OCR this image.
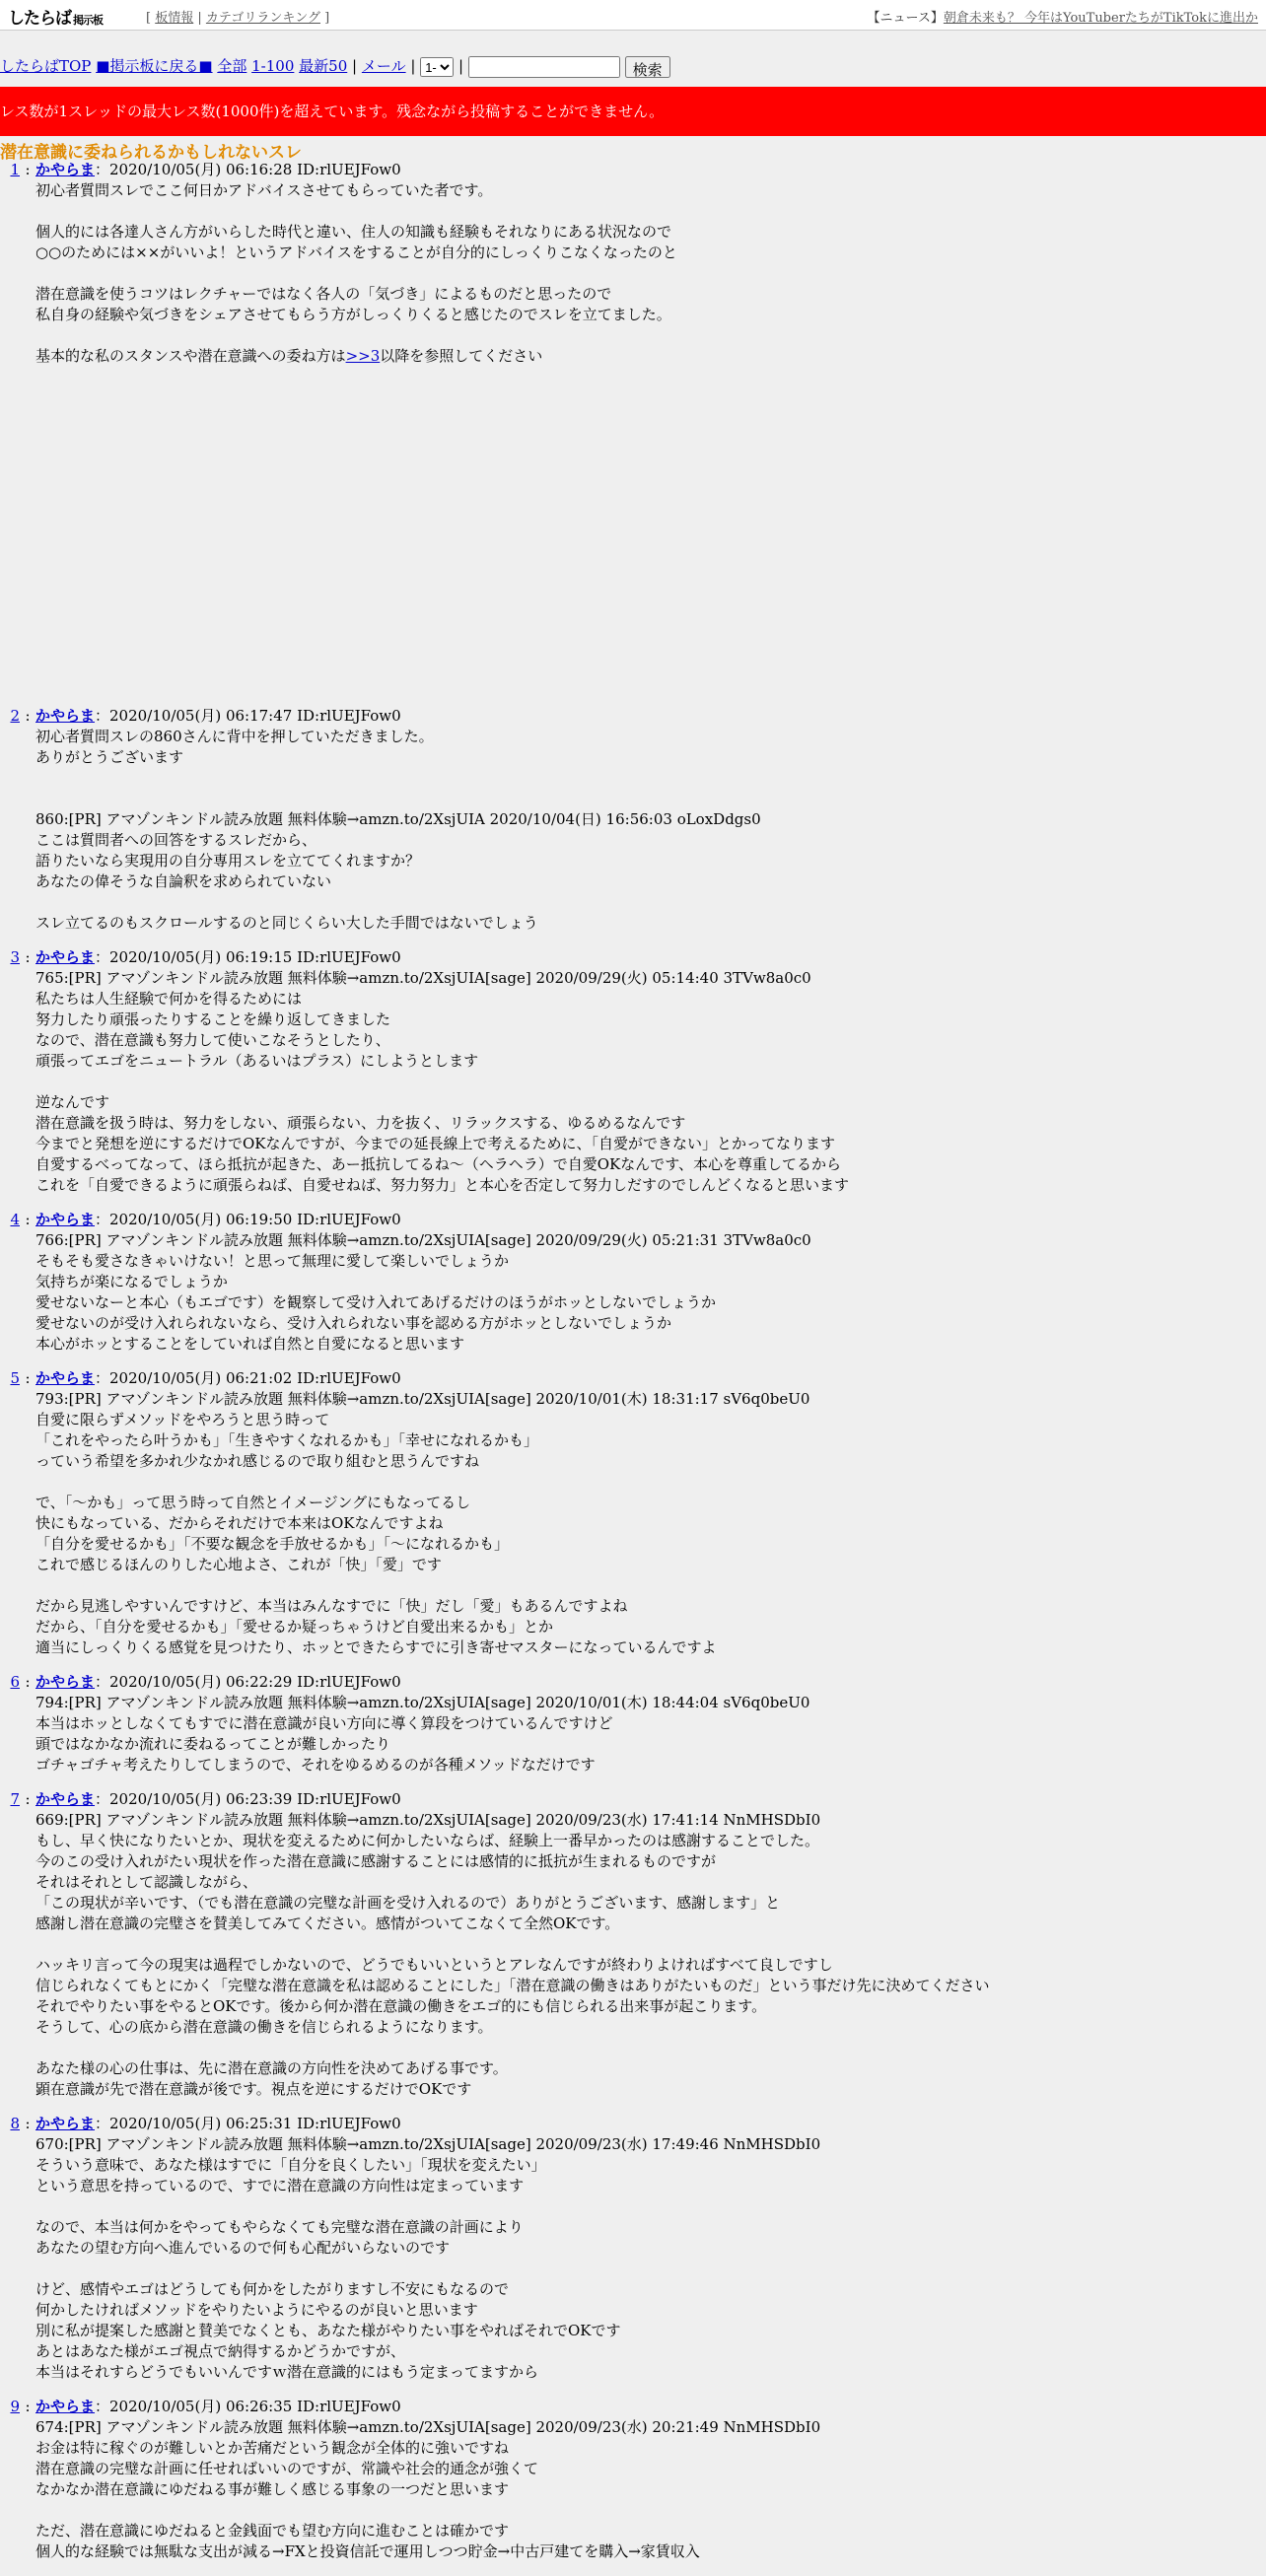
したらば 掲示板	[ 板情報 | カテゴリランキング ]	【ニュース】朝倉未来も？ 今年はYouTuberたちがTikTokに進出か
したらばTOP ■掲示板に戻る■ 全部 1-100 最新50 | メール |
1-	|	検索
レス数が1スレッドの最大レス数(1000件)を超えています。残念ながら投稿することができません。
潜在意識に委ねられるかもしれないスレ
1 : かやらま：2020/10/05(月) 06:16:28 ID:rlUEJFow0
初心者質問スレでここ何日かアドバイスさせてもらっていた者です。

個人的には各達人さん方がいらした時代と違い、住人の知識も経験もそれなりにある状況なので
○○のためには××がいいよ！というアドバイスをすることが自分的にしっくりこなくなったのと

潜在意識を使うコツはレクチャーではなく各人の「気づき」によるものだと思ったので
私自身の経験や気づきをシェアさせてもらう方がしっくりくると感じたのでスレを立てました。

基本的な私のスタンスや潜在意識への委ね方は>>3以降を参照してください
2 : かやらま：2020/10/05(月) 06:17:47 ID:rlUEJFow0
初心者質問スレの860さんに背中を押していただきました。
ありがとうございます

860:[PR] アマゾンキンドル読み放題 無料体験→amzn.to/2XsjUIA 2020/10/04(日) 16:56:03 oLoxDdgs0
ここは質問者への回答をするスレだから、
語りたいなら実現用の自分専用スレを立ててくれますか？
あなたの偉そうな自論釈を求められていない

スレ立てるのもスクロールするのと同じくらい大した手間ではないでしょう
3 : かやらま：2020/10/05(月) 06:19:15 ID:rlUEJFow0
765:[PR] アマゾンキンドル読み放題 無料体験→amzn.to/2XsjUIA[sage] 2020/09/29(火) 05:14:40 3TVw8a0c0
私たちは人生経験で何かを得るためには
努力したり頑張ったりすることを繰り返してきました
なので、潜在意識も努力して使いこなそうとしたり、
頑張ってエゴをニュートラル（あるいはプラス）にしようとします

逆なんです
潜在意識を扱う時は、努力をしない、頑張らない、力を抜く、リラックスする、ゆるめるなんです
今までと発想を逆にするだけでOKなんですが、今までの延長線上で考えるために、「自愛ができない」とかってなります
自愛するべってなって、ほら抵抗が起きた、あー抵抗してるね～（ヘラヘラ）で自愛OKなんです、本心を尊重してるから
これを「自愛できるように頑張らねば、自愛せねば、努力努力」と本心を否定して努力しだすのでしんどくなると思います
4 : かやらま：2020/10/05(月) 06:19:50 ID:rlUEJFow0
766:[PR] アマゾンキンドル読み放題 無料体験→amzn.to/2XsjUIA[sage] 2020/09/29(火) 05:21:31 3TVw8a0c0
そもそも愛さなきゃいけない！と思って無理に愛して楽しいでしょうか
気持ちが楽になるでしょうか
愛せないなーと本心（もエゴです）を観察して受け入れてあげるだけのほうがホッとしないでしょうか
愛せないのが受け入れられないなら、受け入れられない事を認める方がホッとしないでしょうか
本心がホッとすることをしていれば自然と自愛になると思います
5 : かやらま：2020/10/05(月) 06:21:02 ID:rlUEJFow0
793:[PR] アマゾンキンドル読み放題 無料体験→amzn.to/2XsjUIA[sage] 2020/10/01(木) 18:31:17 sV6q0beU0
自愛に限らずメソッドをやろうと思う時って
「これをやったら叶うかも」「生きやすくなれるかも」「幸せになれるかも」
っていう希望を多かれ少なかれ感じるので取り組むと思うんですね

で、「～かも」って思う時って自然とイメージングにもなってるし
快にもなっている、だからそれだけで本来はOKなんですよね
「自分を愛せるかも」「不要な観念を手放せるかも」「～になれるかも」
これで感じるほんのりした心地よさ、これが「快」「愛」です

だから見逃しやすいんですけど、本当はみんなすでに「快」だし「愛」もあるんですよね
だから、「自分を愛せるかも」「愛せるか疑っちゃうけど自愛出来るかも」とか
適当にしっくりくる感覚を見つけたり、ホッとできたらすでに引き寄せマスターになっているんですよ
6 : かやらま：2020/10/05(月) 06:22:29 ID:rlUEJFow0
794:[PR] アマゾンキンドル読み放題 無料体験→amzn.to/2XsjUIA[sage] 2020/10/01(木) 18:44:04 sV6q0beU0
本当はホッとしなくてもすでに潜在意識が良い方向に導く算段をつけているんですけど
頭ではなかなか流れに委ねるってことが難しかったり
ゴチャゴチャ考えたりしてしまうので、それをゆるめるのが各種メソッドなだけです
7 : かやらま：2020/10/05(月) 06:23:39 ID:rlUEJFow0
669:[PR] アマゾンキンドル読み放題 無料体験→amzn.to/2XsjUIA[sage] 2020/09/23(水) 17:41:14 NnMHSDbI0
もし、早く快になりたいとか、現状を変えるために何かしたいならば、経験上一番早かったのは感謝することでした。
今のこの受け入れがたい現状を作った潜在意識に感謝することには感情的に抵抗が生まれるものですが
それはそれとして認識しながら、
「この現状が辛いです、（でも潜在意識の完璧な計画を受け入れるので）ありがとうございます、感謝します」と
感謝し潜在意識の完璧さを賛美してみてください。感情がついてこなくて全然OKです。

ハッキリ言って今の現実は過程でしかないので、どうでもいいというとアレなんですが終わりよければすべて良しですし
信じられなくてもとにかく「完璧な潜在意識を私は認めることにした」「潜在意識の働きはありがたいものだ」という事だけ先に決めてください
それでやりたい事をやるとOKです。後から何か潜在意識の働きをエゴ的にも信じられる出来事が起こります。
そうして、心の底から潜在意識の働きを信じられるようになります。

あなた様の心の仕事は、先に潜在意識の方向性を決めてあげる事です。
顕在意識が先で潜在意識が後です。視点を逆にするだけでOKです
8 : かやらま：2020/10/05(月) 06:25:31 ID:rlUEJFow0
670:[PR] アマゾンキンドル読み放題 無料体験→amzn.to/2XsjUIA[sage] 2020/09/23(水) 17:49:46 NnMHSDbI0
そういう意味で、あなた様はすでに「自分を良くしたい」「現状を変えたい」
という意思を持っているので、すでに潜在意識の方向性は定まっています

なので、本当は何かをやってもやらなくても完璧な潜在意識の計画により
あなたの望む方向へ進んでいるので何も心配がいらないのです

けど、感情やエゴはどうしても何かをしたがりますし不安にもなるので
何かしたければメソッドをやりたいようにやるのが良いと思います
別に私が提案した感謝と賛美でなくとも、あなた様がやりたい事をやればそれでOKです
あとはあなた様がエゴ視点で納得するかどうかですが、
本当はそれすらどうでもいいんですｗ潜在意識的にはもう定まってますから
9 : かやらま：2020/10/05(月) 06:26:35 ID:rlUEJFow0
674:[PR] アマゾンキンドル読み放題 無料体験→amzn.to/2XsjUIA[sage] 2020/09/23(水) 20:21:49 NnMHSDbI0
お金は特に稼ぐのが難しいとか苦痛だという観念が全体的に強いですね
潜在意識の完璧な計画に任せればいいのですが、常識や社会的通念が強くて
なかなか潜在意識にゆだねる事が難しく感じる事象の一つだと思います

ただ、潜在意識にゆだねると金銭面でも望む方向に進むことは確かです
個人的な経験では無駄な支出が減る→FXと投資信託で運用しつつ貯金→中古戸建てを購入→家賃収入
